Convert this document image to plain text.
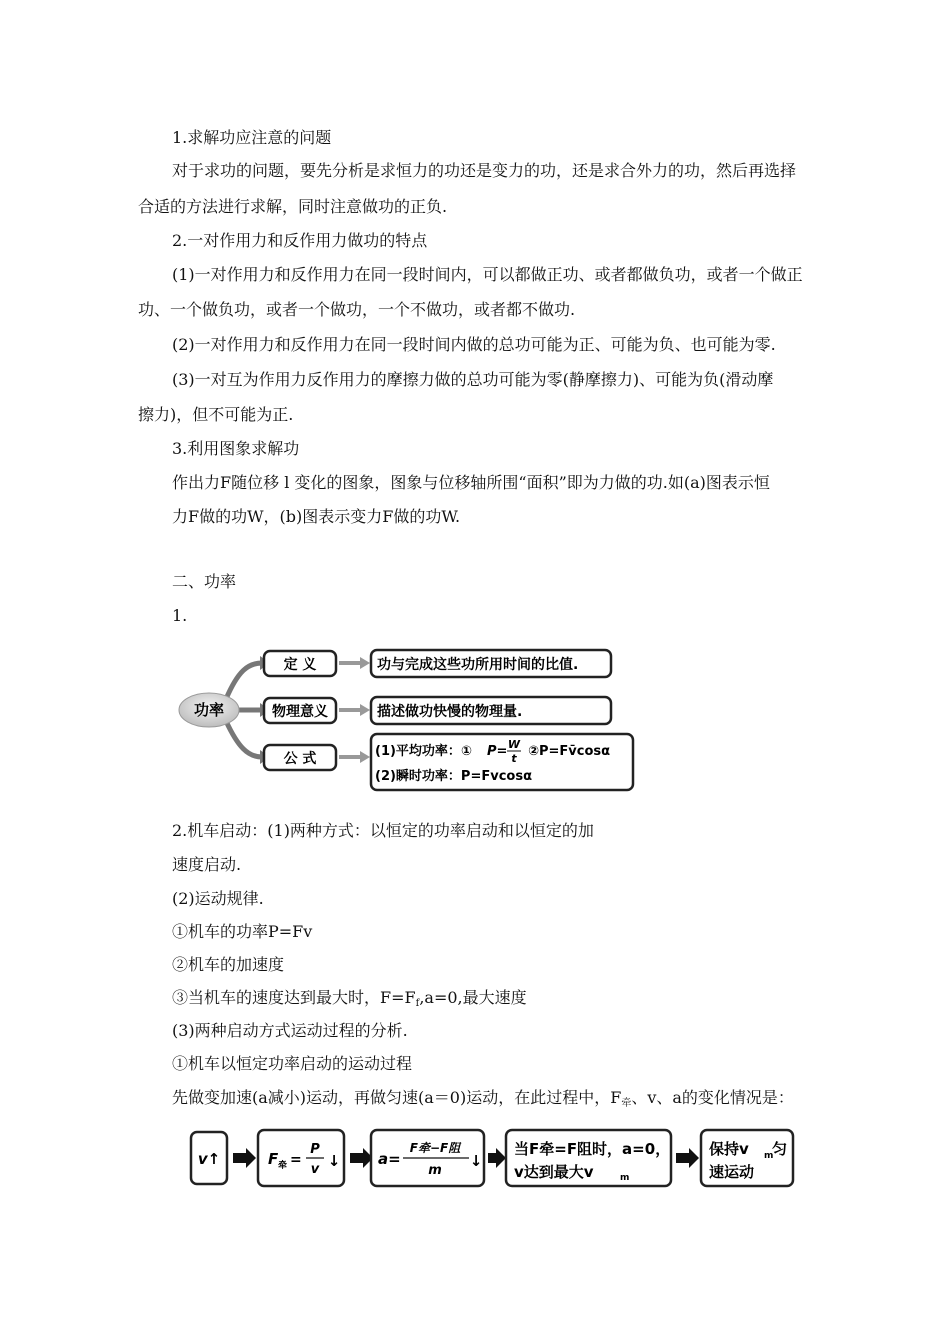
1.求解功应注意的问题

对于求功的问题，要先分析是求恒力的功还是变力的功，还是求合外力的功，然后再选择

合适的方法进行求解，同时注意做功的正负.

2.一对作用力和反作用力做功的特点

(1)一对作用力和反作用力在同一段时间内，可以都做正功、或者都做负功，或者一个做正

功、一个做负功，或者一个做功，一个不做功，或者都不做功.

(2)一对作用力和反作用力在同一段时间内做的总功可能为正、可能为负、也可能为零.

(3)一对互为作用力反作用力的摩擦力做的总功可能为零(静摩擦力)、可能为负(滑动摩

擦力)，但不可能为正.

3.利用图象求解功

作出力F随位移 l 变化的图象，图象与位移轴所围“面积”即为力做的功.如(a)图表示恒

力F做的功W，(b)图表示变力F做的功W.

二、功率

1.

功率
定 义
物理意义
公 式
功与完成这些功所用时间的比值.
描述做功快慢的物理量.
(1)平均功率：① P= W
t ②P=Fv̄cosα
(2)瞬时功率：P=Fvcosα

2.机车启动：(1)两种方式：以恒定的功率启动和以恒定的加

速度启动.

(2)运动规律.

①机车的功率P=Fv

②机车的加速度

③当机车的速度达到最大时，$F=F_f,a=0$,最大速度

(3)两种启动方式运动过程的分析.

①机车以恒定功率启动的运动过程

先做变加速(a减小)运动，再做匀速(a＝0)运动，在此过程中，$F_牵$、v、a的变化情况是：

v↑	F 牵 =
P
v ↓	a=
F牵−F阻
m
↓
当F牵=F阻时，a=0，
v达到最大v	m
保持v m
匀
速运动
